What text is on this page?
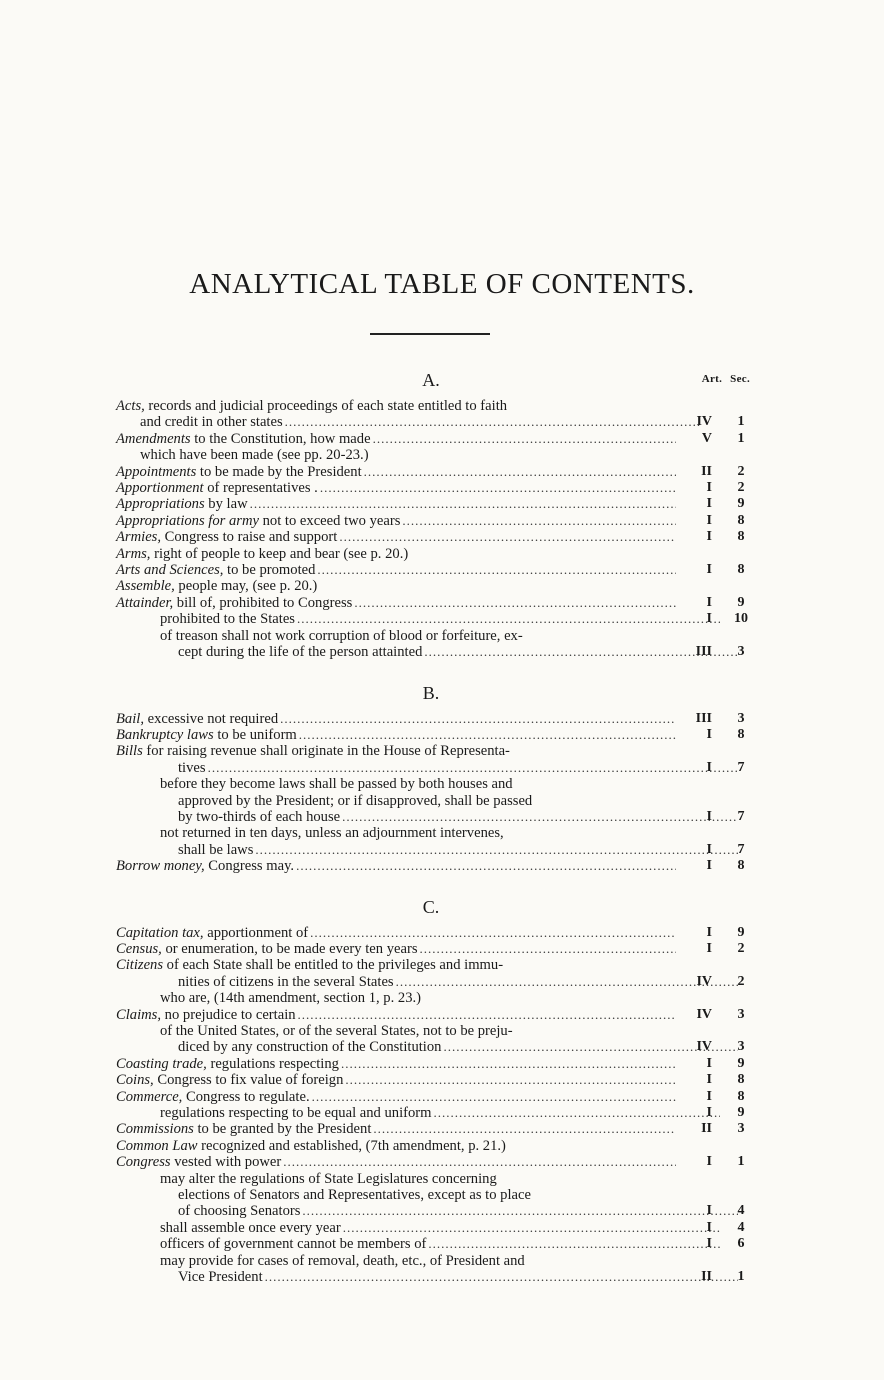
ANALYTICAL TABLE OF CONTENTS.
A.	Art. Sec.
Acts, records and judicial proceedings of each state entitled to faith
and credit in other states .....	IV	1
Amendments to the Constitution, how made .....	V	1
which have been made (see pp. 20-23.)
Appointments to be made by the President .....	II	2
Apportionment of representatives . .....	I	2
Appropriations by law .....	I	9
Appropriations for army not to exceed two years .....	I	8
Armies, Congress to raise and support .....	I	8
Arms, right of people to keep and bear (see p. 20.)
Arts and Sciences, to be promoted .....	I	8
Assemble, people may, (see p. 20.)
Attainder, bill of, prohibited to Congress .....	I	9
prohibited to the States .....	I 10
of treason shall not work corruption of blood or forfeiture, ex-
cept during the life of the person attainted .....	III	3
B.
Bail, excessive not required .....	III	3
Bankruptcy laws to be uniform .....	I	8
Bills for raising revenue shall originate in the House of Representa-
tives .....	I	7
before they become laws shall be passed by both houses and
approved by the President; or if disapproved, shall be passed
by two-thirds of each house .....	I	7
not returned in ten days, unless an adjournment intervenes,
shall be laws .....	I	7
Borrow money, Congress may. .....	I	8
C.
Capitation tax, apportionment of .....	I	9
Census, or enumeration, to be made every ten years .....	I	2
Citizens of each State shall be entitled to the privileges and immu-
nities of citizens in the several States .....	IV	2
who are, (14th amendment, section 1, p. 23.)
Claims, no prejudice to certain .....	IV	3
of the United States, or of the several States, not to be preju-
diced by any construction of the Constitution .....	IV	3
Coasting trade, regulations respecting .....	I	9
Coins, Congress to fix value of foreign .....	I	8
Commerce, Congress to regulate. .....	I	8
regulations respecting to be equal and uniform .....	I	9
Commissions to be granted by the President .....	II	3
Common Law recognized and established, (7th amendment, p. 21.)
Congress vested with power .....	I	1
may alter the regulations of State Legislatures concerning
elections of Senators and Representatives, except as to place
of choosing Senators .....	I	4
shall assemble once every year .....	I	4
officers of government cannot be members of .....	I	6
may provide for cases of removal, death, etc., of President and
Vice President .....	II	1
